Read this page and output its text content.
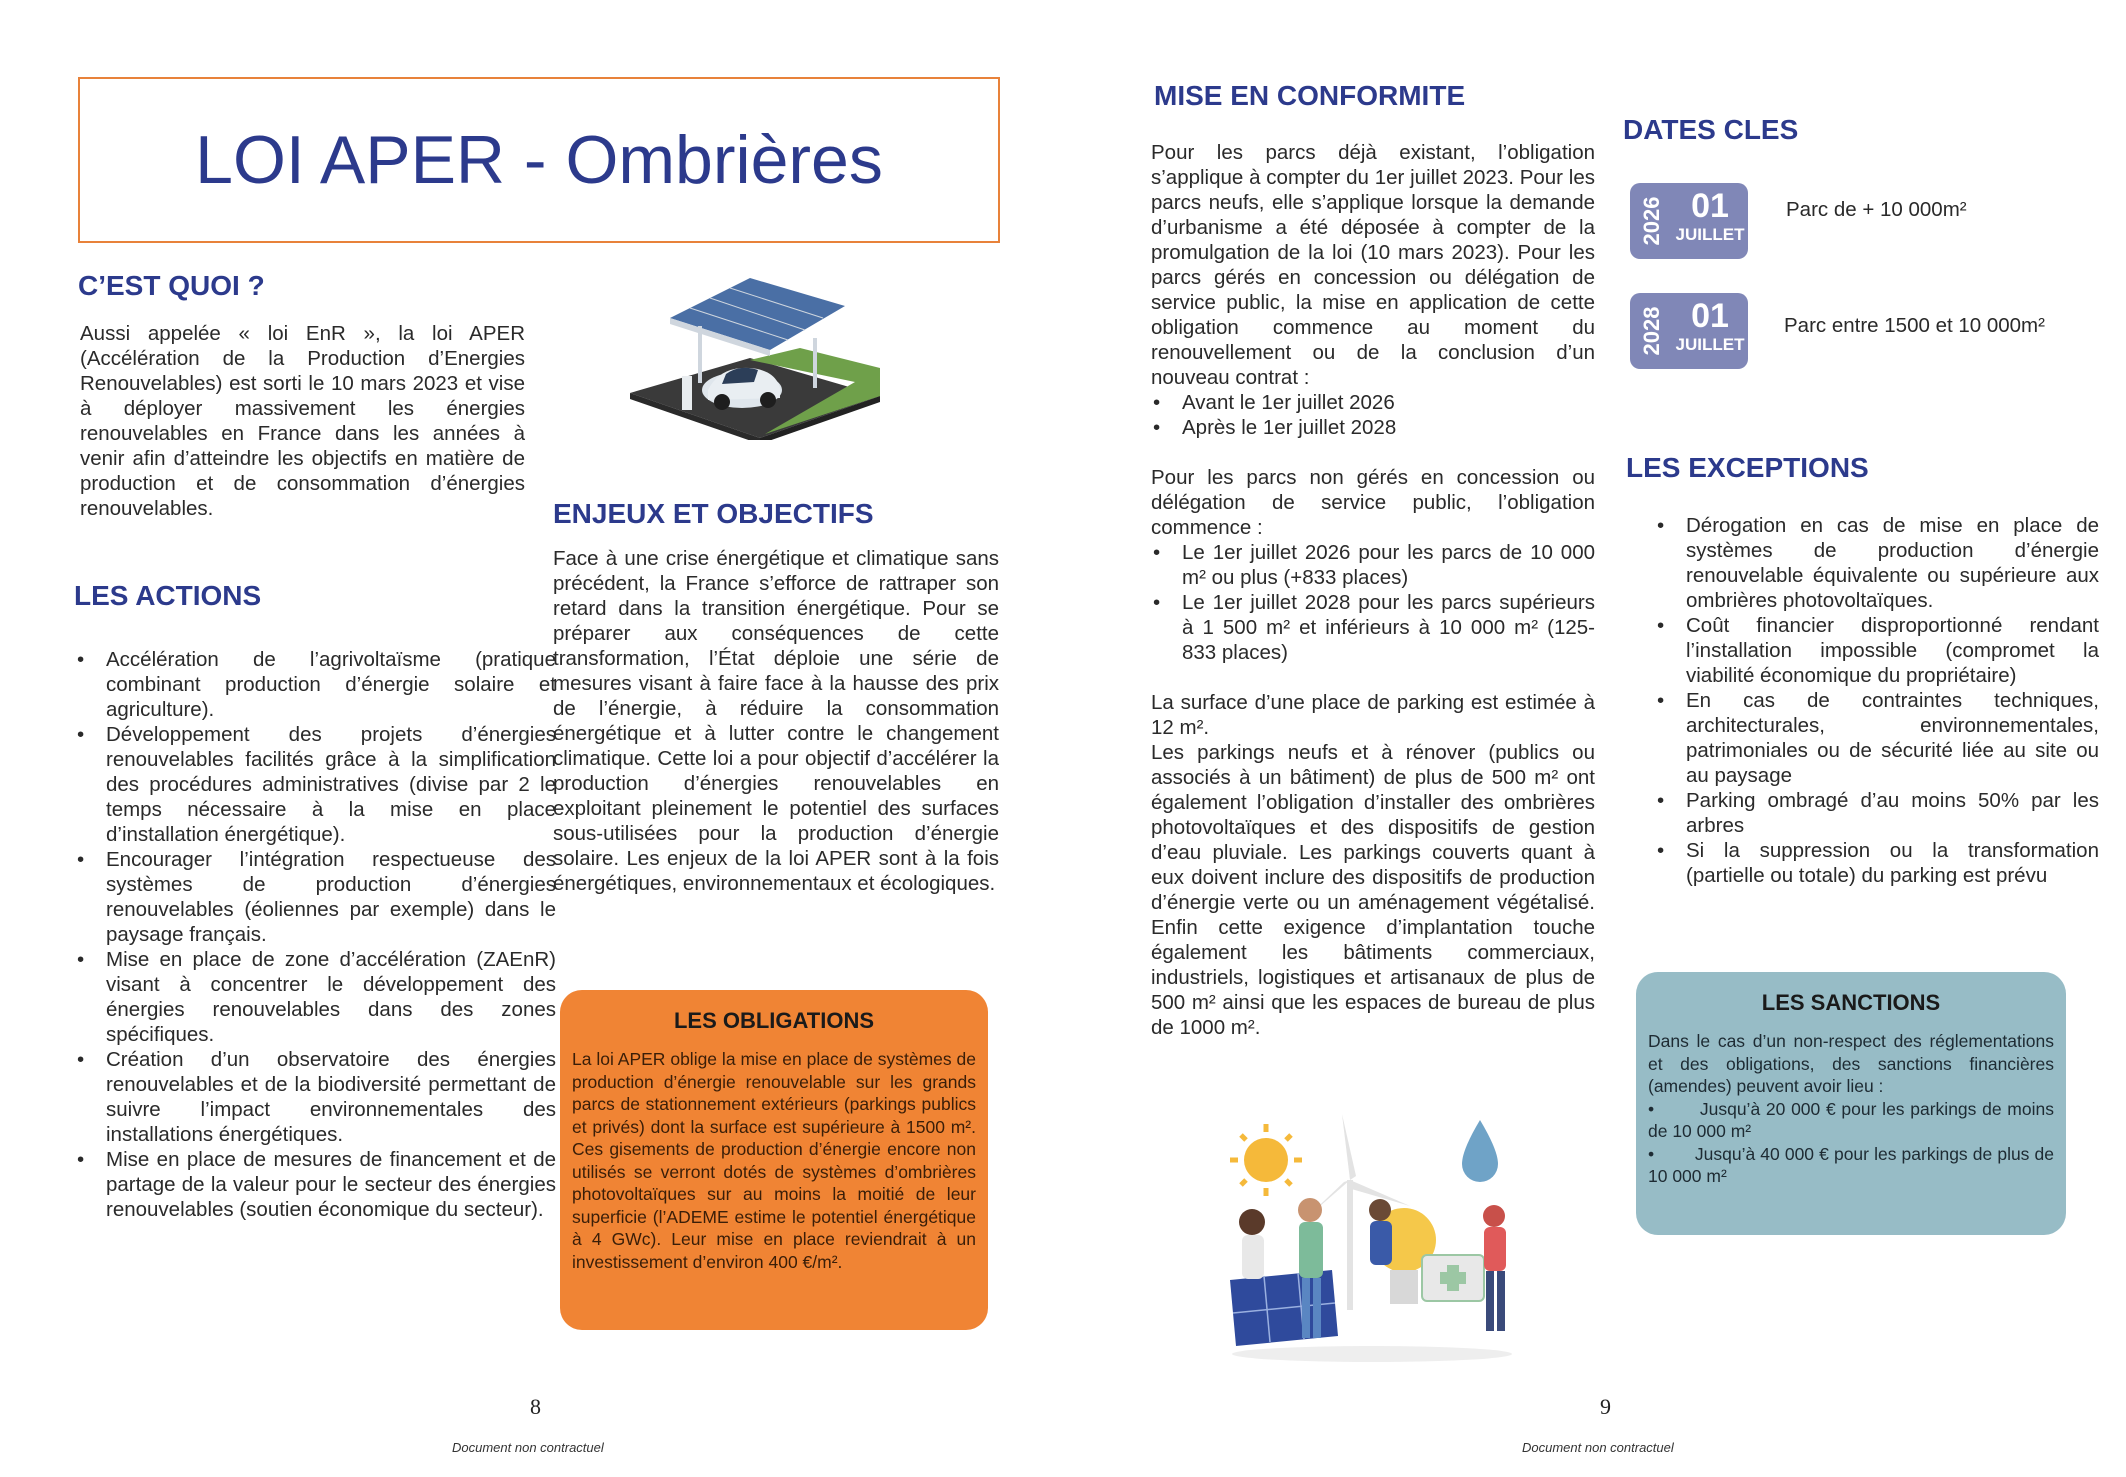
LOI APER - Ombrières
C’EST QUOI ?

Aussi appelée « loi EnR », la loi APER (Accélération de la Production d’Energies Renouvelables) est sorti le 10 mars 2023 et vise à déployer massivement les énergies renouvelables en France dans les années à venir afin d’atteindre les objectifs en matière de production et de consommation d’énergies renouvelables.	ENJEUX ET OBJECTIFS

Face à une crise énergétique et climatique sans précédent, la France s’efforce de rattraper son retard dans la transition énergétique. Pour se préparer aux conséquences de cette transformation, l’État déploie une série de mesures visant à faire face à la hausse des prix de l’énergie, à réduire la consommation énergétique et à lutter contre le changement climatique. Cette loi a pour objectif d’accélérer la production d’énergies renouvelables en exploitant pleinement le potentiel des surfaces sous-utilisées pour la production d’énergie solaire. Les enjeux de la loi APER sont à la fois énergétiques, environnementaux et écologiques.

LES ACTIONS
• Accélération de l’agrivoltaïsme (pratique combinant production d’énergie solaire et agriculture).
• Développement des projets d’énergies renouvelables facilités grâce à la simplification des procédures administratives (divise par 2 le temps nécessaire à la mise en place d’installation énergétique).
• Encourager l’intégration respectueuse des systèmes de production d’énergies renouvelables (éoliennes par exemple) dans le paysage français.
• Mise en place de zone d’accélération (ZAEnR) visant à concentrer le développement des énergies renouvelables dans des zones spécifiques.
• Création d’un observatoire des énergies renouvelables et de la biodiversité permettant de suivre l’impact environnementales des installations énergétiques.
• Mise en place de mesures de financement et de partage de la valeur pour le secteur des énergies renouvelables (soutien économique du secteur).
LES OBLIGATIONS

La loi APER oblige la mise en place de systèmes de production d’énergie renouvelable sur les grands parcs de stationnement extérieurs (parkings publics et privés) dont la surface est supérieure à 1500 m². Ces gisements de production d’énergie encore non utilisés se verront dotés de systèmes d’ombrières photovoltaïques sur au moins la moitié de leur superficie (l’ADEME estime le potentiel énergétique à 4 GWc). Leur mise en place reviendrait à un investissement d’environ 400 €/m².

8
Document non contractuel
MISE EN CONFORMITE

Pour les parcs déjà existant, l’obligation s’applique à compter du 1er juillet 2023. Pour les parcs neufs, elle s’applique lorsque la demande d’urbanisme a été déposée à compter de la promulgation de la loi (10 mars 2023). Pour les parcs gérés en concession ou délégation de service public, la mise en application de cette obligation commence au moment du renouvellement ou de la conclusion d’un nouveau contrat :

• Avant le 1er juillet 2026
• Après le 1er juillet 2028

Pour les parcs non gérés en concession ou délégation de service public, l’obligation commence :

• Le 1er juillet 2026 pour les parcs de 10 000 m² ou plus (+833 places)
• Le 1er juillet 2028 pour les parcs supérieurs à 1 500 m² et inférieurs à 10 000 m² (125-833 places)

La surface d’une place de parking est estimée à 12 m².

Les parkings neufs et à rénover (publics ou associés à un bâtiment) de plus de 500 m² ont également l’obligation d’installer des ombrières photovoltaïques et des dispositifs de gestion d’eau pluviale. Les parkings couverts quant à eux doivent inclure des dispositifs de production d’énergie verte ou un aménagement végétalisé. Enfin cette exigence d’implantation touche également les bâtiments commerciaux, industriels, logistiques et artisanaux de plus de 500 m² ainsi que les espaces de bureau de plus de 1000 m².

DATES CLES
2026 01
JUILLET
Parc de + 10 000m²
2028 01
JUILLET
Parc entre 1500 et 10 000m²
LES EXCEPTIONS
• Dérogation en cas de mise en place de systèmes de production d’énergie renouvelable équivalente ou supérieure aux ombrières photovoltaïques.
• Coût financier disproportionné rendant l’installation impossible (compromet la viabilité économique du propriétaire)
• En cas de contraintes techniques, architecturales, environnementales, patrimoniales ou de sécurité liée au site ou au paysage
• Parking ombragé d’au moins 50% par les arbres
• Si la suppression ou la transformation (partielle ou totale) du parking est prévu
LES SANCTIONS

Dans le cas d’un non-respect des réglementations et des obligations, des sanctions financières (amendes) peuvent avoir lieu :

•        Jusqu’à 20 000 € pour les parkings de moins de 10 000 m²

•        Jusqu’à 40 000 € pour les parkings de plus de 10 000 m²

9
Document non contractuel
